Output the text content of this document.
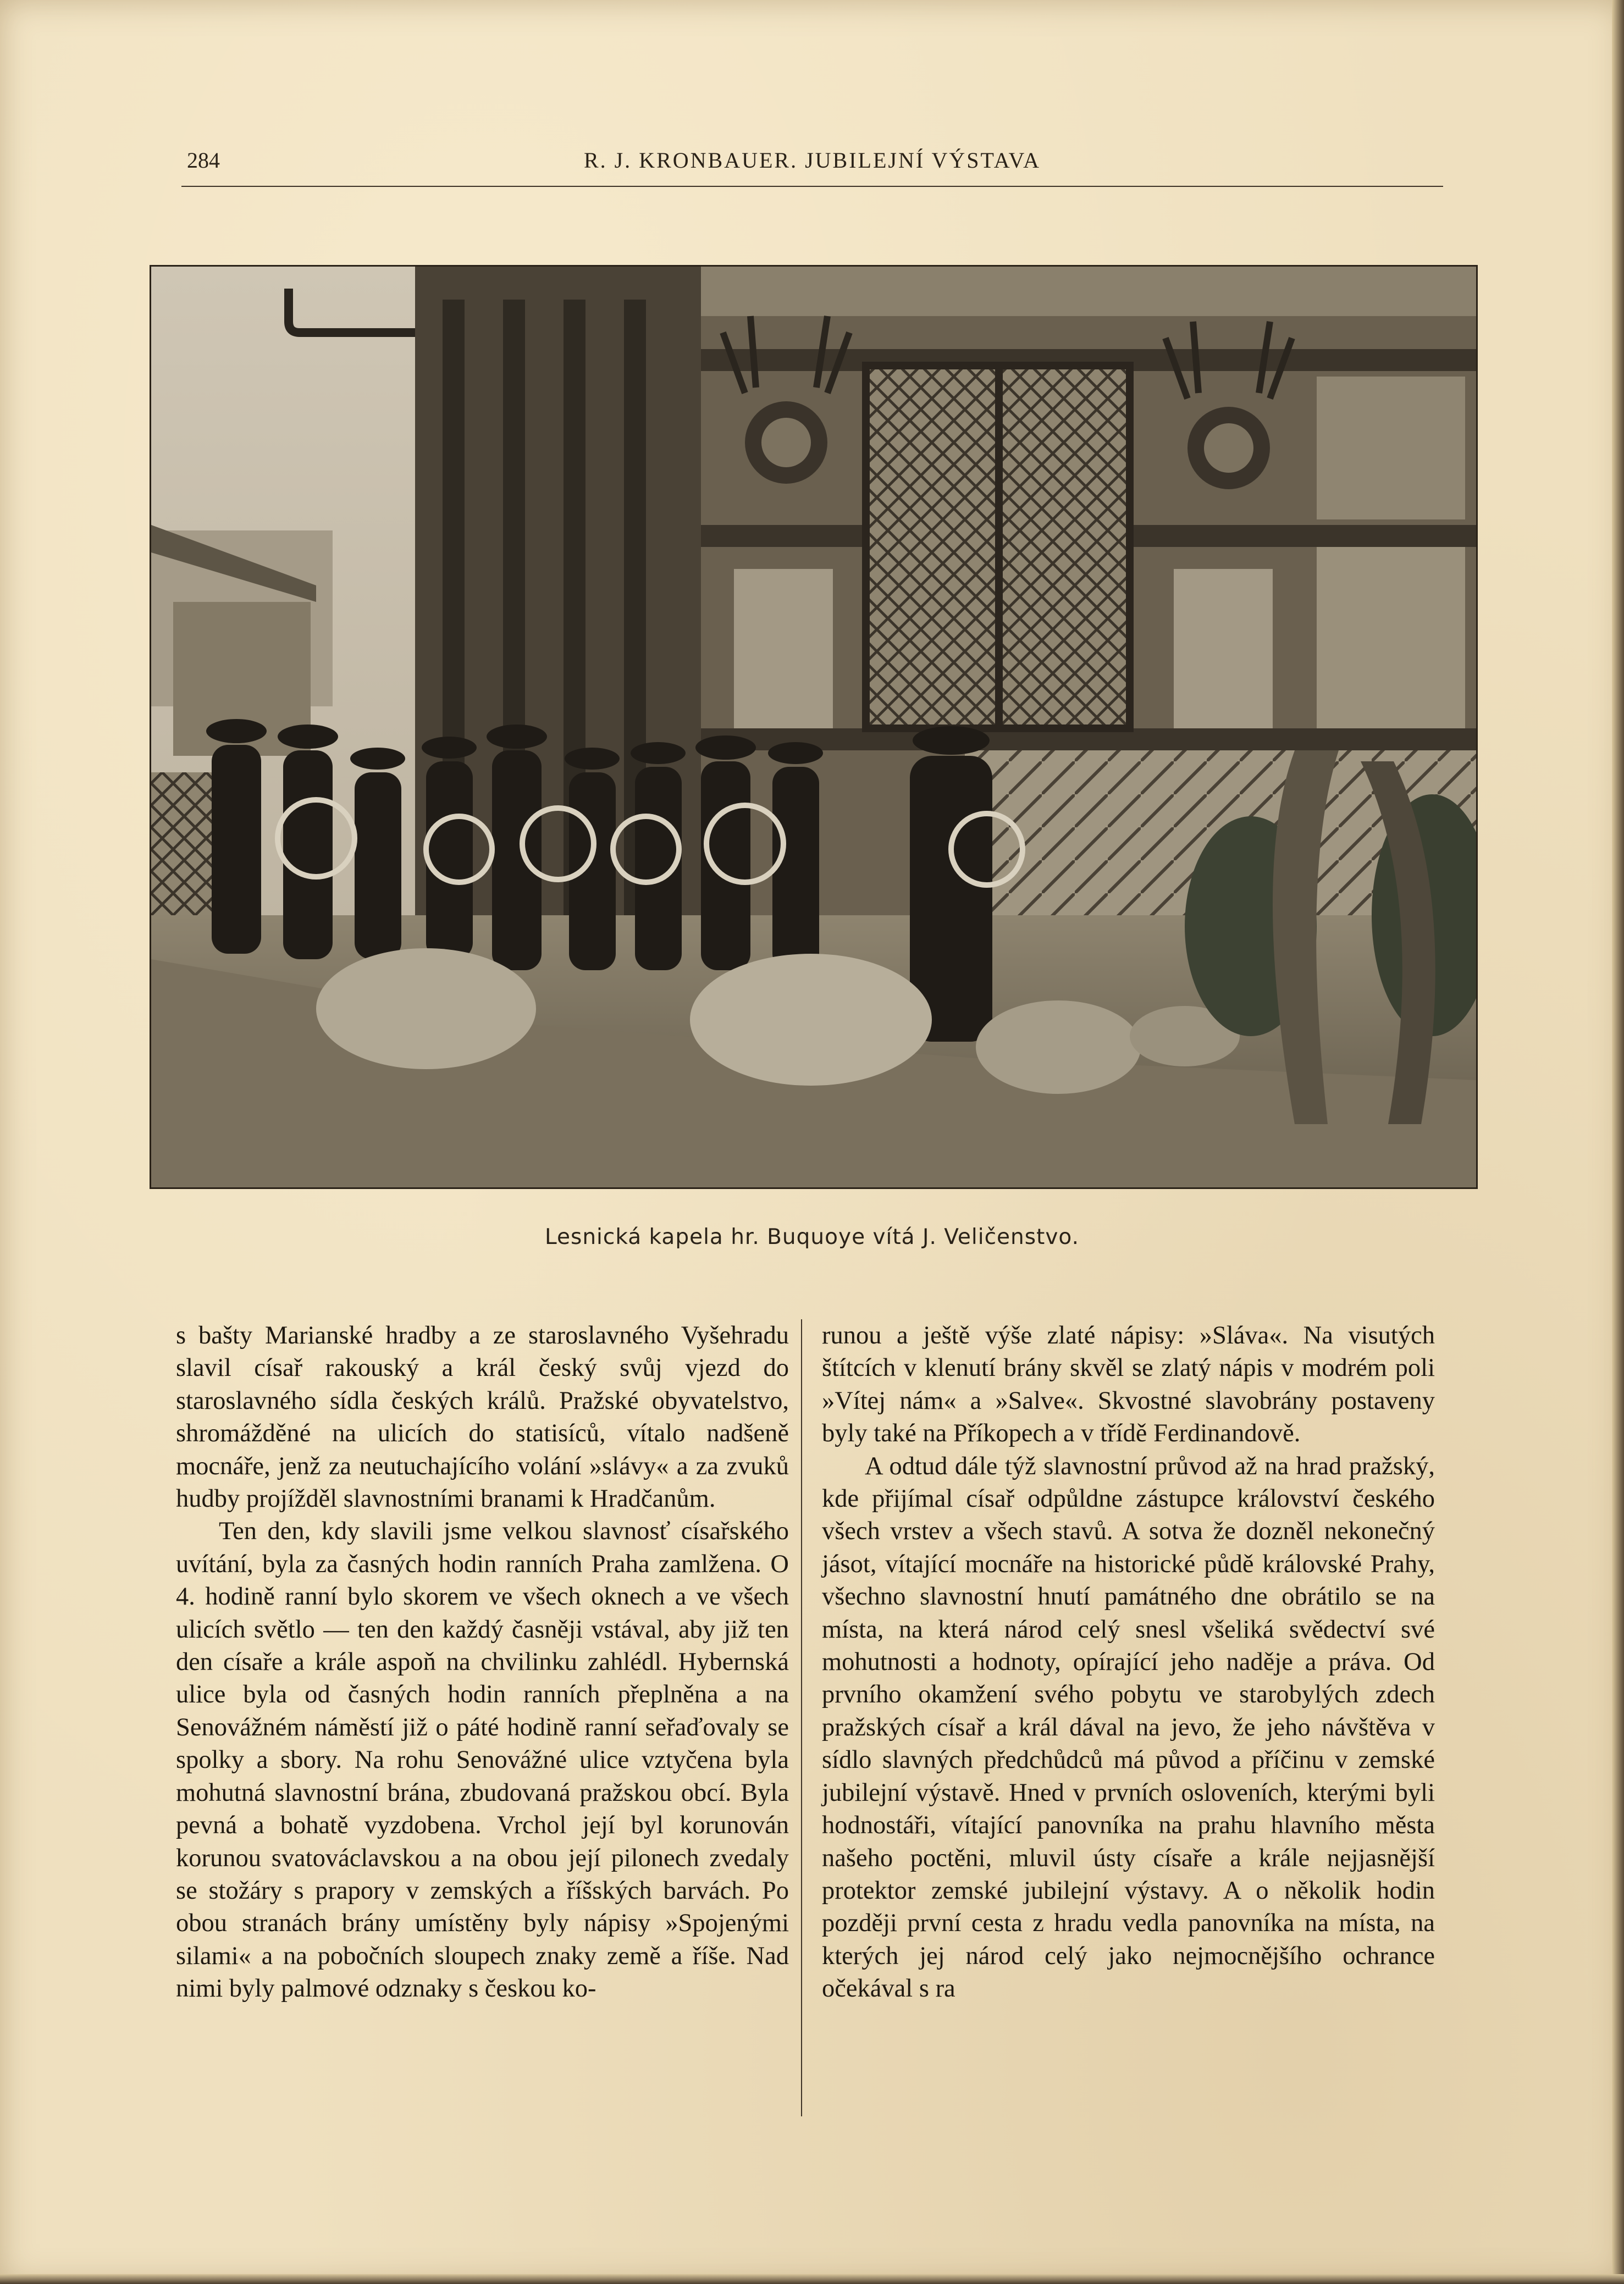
284	R. J. KRONBAUER. JUBILEJNÍ VÝSTAVA
Lesnická kapela hr. Buquoye vítá J. Veličenstvo.

s bašty Marianské hradby a ze staroslavného Vyšehradu slavil císař rakouský a král český svůj vjezd do staroslavného sídla českých králů. Pražské obyvatelstvo, shromážděné na ulicích do statisíců, vítalo nadšeně mocnáře, jenž za neutuchajícího volání »slávy« a za zvuků hudby projížděl slavnostními branami k Hradčanům.

Ten den, kdy slavili jsme velkou slavnosť císařského uvítání, byla za časných hodin ranních Praha zamlžena. O 4. hodině ranní bylo skorem ve všech oknech a ve všech ulicích světlo — ten den každý časněji vstával, aby již ten den císaře a krále aspoň na chvilinku zahlédl. Hybernská ulice byla od časných hodin ranních přeplněna a na Senovážném náměstí již o páté hodině ranní seřaďovaly se spolky a sbory. Na rohu Senovážné ulice vztyčena byla mohutná slavnostní brána, zbudovaná pražskou obcí. Byla pevná a bohatě vyzdobena. Vrchol její byl korunován korunou svatováclavskou a na obou její pilonech zvedaly se stožáry s prapory v zemských a říšských barvách. Po obou stranách brány umístěny byly nápisy »Spojenými silami« a na pobočních sloupech znaky země a říše. Nad nimi byly palmové odznaky s českou ko-

runou a ještě výše zlaté nápisy: »Sláva«. Na visutých štítcích v klenutí brány skvěl se zlatý nápis v modrém poli »Vítej nám« a »Salve«. Skvostné slavobrány postaveny byly také na Příkopech a v třídě Ferdinandově.

A odtud dále týž slavnostní průvod až na hrad pražský, kde přijímal císař odpůldne zástupce království českého všech vrstev a všech stavů. A sotva že dozněl nekonečný jásot, vítající mocnáře na historické půdě královské Prahy, všechno slavnostní hnutí památného dne obrátilo se na místa, na která národ celý snesl všeliká svědectví své mohutnosti a hodnoty, opírající jeho naděje a práva. Od prvního okamžení svého pobytu ve starobylých zdech pražských císař a král dával na jevo, že jeho návštěva v sídlo slavných předchůdců má původ a příčinu v zemské jubilejní výstavě. Hned v prvních osloveních, kterými byli hodnostáři, vítající panovníka na prahu hlavního města našeho poctěni, mluvil ústy císaře a krále nejjasnější protektor zemské jubilejní výstavy. A o několik hodin později první cesta z hradu vedla panovníka na místa, na kterých jej národ celý jako nejmocnějšího ochrance očekával s ra
